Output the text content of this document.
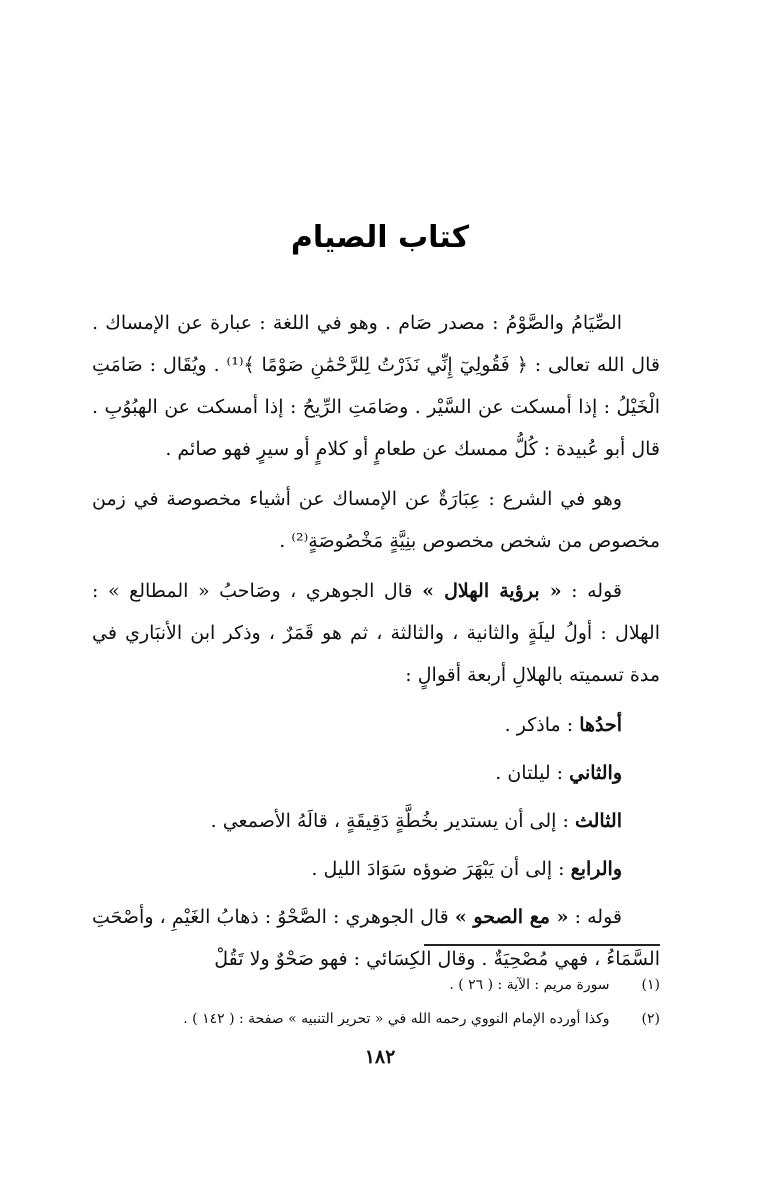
كتاب الصيام

الصِّيَامُ والصَّوْمُ : مصدر صَام . وهو في اللغة : عبارة عن الإمساك . قال الله تعالى : ﴿ فَقُولِيٓ إِنِّي نَذَرْتُ لِلرَّحْمَٰنِ صَوْمًا ﴾⁽¹⁾ . ويُقَال : صَامَتِ الْخَيْلُ : إذا أمسكت عن السَّيْر . وصَامَتِ الرِّيحُ : إذا أمسكت عن الهبُوُبِ . قال أبو عُبيدة : كُلُّ ممسك عن طعامٍ أو كلامٍ أو سيرٍ فهو صائم .

وهو في الشرع : عِبَارَةٌ عن الإمساك عن أشياء مخصوصة في زمن مخصوص من شخص مخصوص بنِيَّةٍ مَخْصُوصَةٍ⁽²⁾ .

قوله : « برؤية الهلال » قال الجوهري ، وصَاحبُ « المطالع » : الهلال : أولُ ليلَةٍ والثانية ، والثالثة ، ثم هو قَمَرٌ ، وذكر ابن الأنبَاري في مدة تسميته بالهلالِ أربعة أقوالٍ :

أحدُها : ماذكر .

والثاني : ليلتان .

الثالث : إلى أن يستدير بخُطَّةٍ دَقِيقَةٍ ، قالَهُ الأصمعي .

والرابع : إلى أن يَبْهَرَ ضوؤه سَوَادَ الليل .

قوله : « مع الصحو » قال الجوهري : الصَّحْوُ : ذهابُ الغَيْمِ ، وأصْحَتِ السَّمَاءُ ، فهي مُصْحِيَةٌ . وقال الكِسَائي : فهو صَحْوٌ ولا تَقُلْ

(١) سورة مريم : الآية : ( ٢٦ ) .
(٢) وكذا أورده الإمام النووي رحمه الله في « تحرير التنبيه » صفحة : ( ١٤٢ ) .
١٨٢
